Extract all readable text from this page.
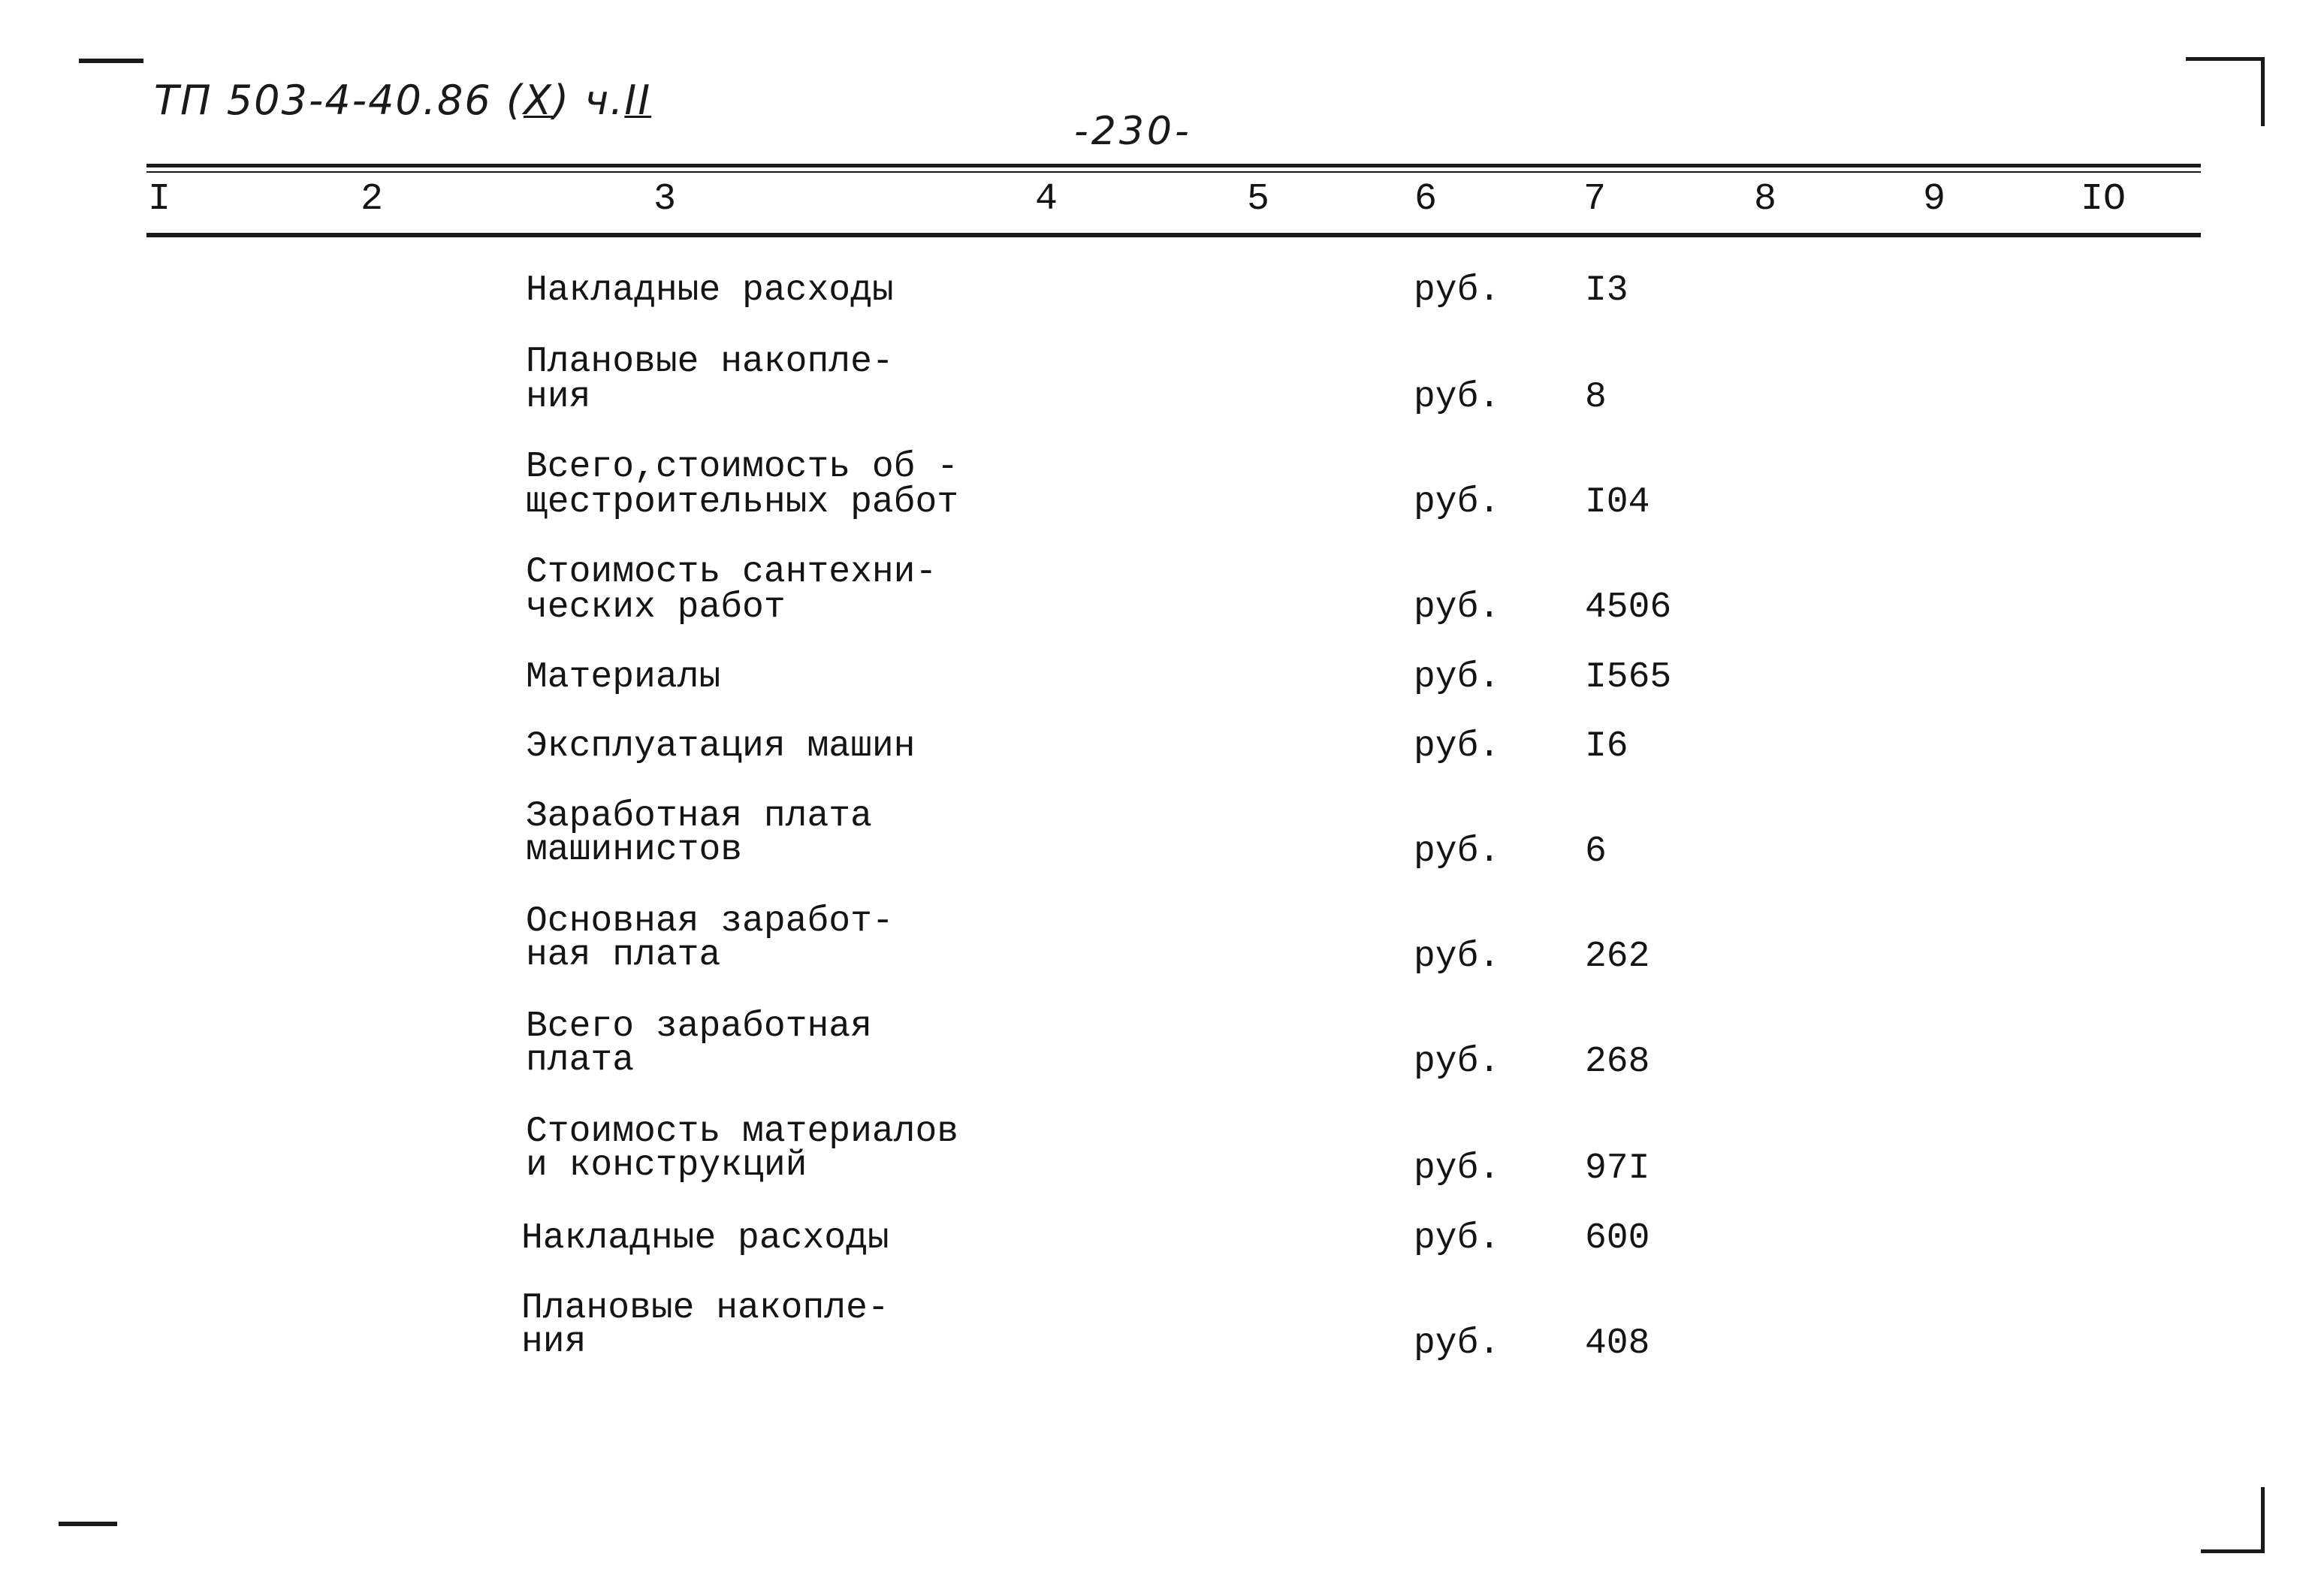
ТП 503-4-40.86 (X) ч.II
-230-
I	2	3	4	5	6	7	8	9	IO
Накладные расходы	руб. I3
Плановые накопле-
ния	руб. 8
Всего,стоимость об -
щестроительных работ	руб. I04
Стоимость сантехни-
ческих работ	руб. 4506
Материалы	руб. I565
Эксплуатация машин	руб. I6
Заработная плата
машинистов	руб. 6
Основная заработ-
ная плата	руб. 262
Всего заработная
плата	руб. 268
Стоимость материалов
и конструкций	руб. 97I
Накладные расходы	руб. 600
Плановые накопле-
ния	руб. 408
